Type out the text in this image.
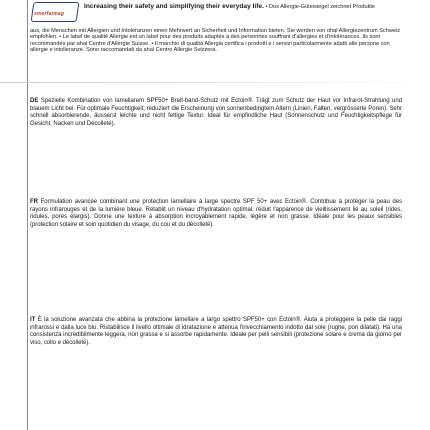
smerfaimag
Increasing their safety and simplifying their everyday life. • Dos Allergie-Güteisiegel zeichnet Produkte
aus, die Menschen mit Allergien und Intoleranzen einen Mehrwert an Sicherheit und Information bieten. Sie werden von ohal Allergiezentrum Schweiz empfohlen. • Le label de qualité Allergie est un label pour des produits adaptés à des personnes souffrant d'allergies et d'intolérances. Ils sont recommandés par ahal Centre d'Allergie Suisse. • Il marchio di qualità Allergia certifica i prodotti e i servizi particolarmente adatti alle persone con allergie e intolleranze. Sono raccomandati da ahal Centro Allergie Svizzera.
DE Spezielle Kombination von lamellarem SPF50+ Breit-band-Schutz mit Ectoin®. Trägt zum Schutz der Haut vor Infrarot-Strahlung und blauem Licht bei. Für optimale Feuchtigkeit; reduziert die Erscheinung von sonnenbedingtem Altern (Linien, Falten, vergrösserte Poren). Sehr schnell absorbierende, äusserst leichte und nicht fettige Textur. Ideal für empfindliche Haut (Sonnenschutz und Feuchtigkeitspflege für Gesicht, Nacken und Décolleté).
FR Formulation avancée combinant une protection lamellaire à large spectre SPF 50+ avec Ectoin®. Contribue à protéger la peau des rayons infrarouges et de la lumière bleue. Rétablit un niveau d'hydratation optimal, réduit l'apparence de vieillissement lié au soleil (rides, ridules, pores élargis). Donne une texture à absorption incroyablement rapide, légère et non grasse. Idéale pour les peaux sensibles (protection solaire et soin quotidien du visage, du cou et du décolleté).
IT È la soluzione avanzata che abbina la protezione lamellare a largo spettro SPF50+ con Ectoin®. Aiuta a proteggere la pelle dai raggi infrarossi e dalla luce blu. Ristabilisce il livello ottimale di idratazione e attenua l'invecchiamento indotto dal sole (rughe, pori dilatati). Ha una consistenza incredibilmente leggera, non grassa e si assorbe rapidamente. Ideale per pelli sensibili (protezione solare e crema da giorno per viso, collo e décolleté).
